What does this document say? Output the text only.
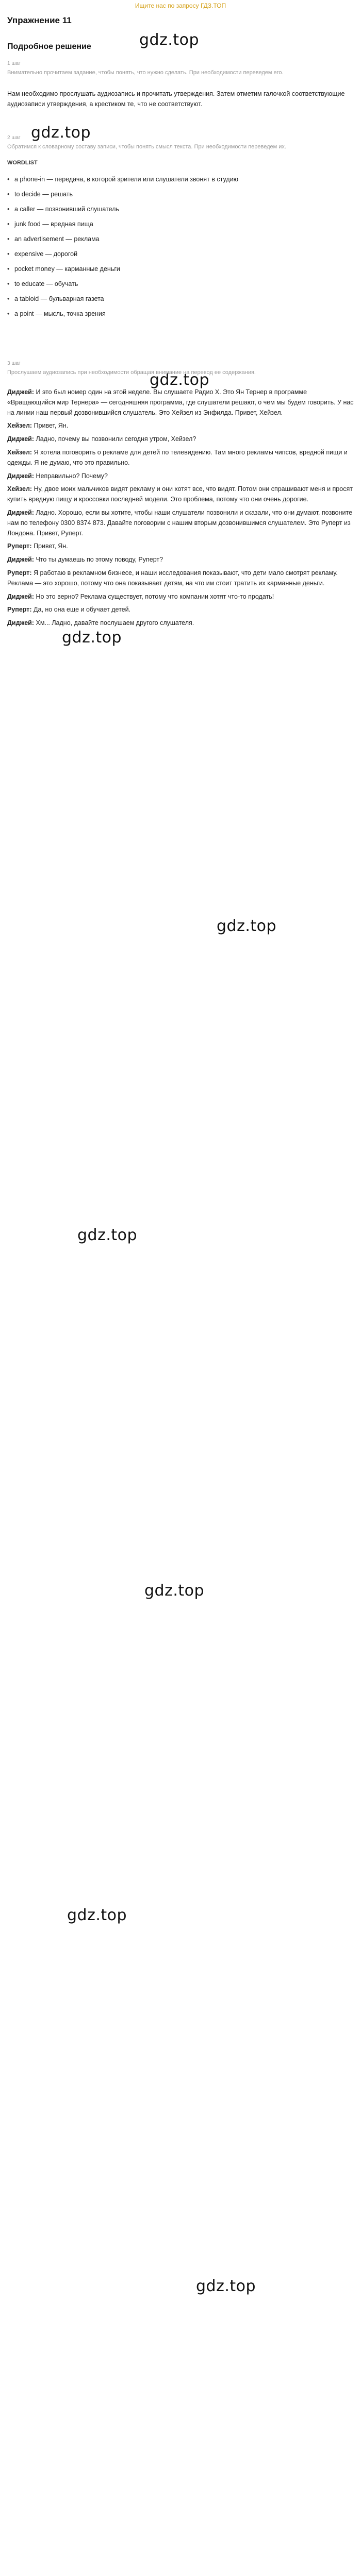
Ищите нас по запросу ГДЗ.ТОП
Упражнение 11
Подробное решение	gdz.top
gdz.top
gdz.top
gdz.top
gdz.top
gdz.top
gdz.top
gdz.top
gdz.top
1 шаг
Внимательно прочитаем задание, чтобы понять, что нужно сделать. При необходимости переведем его.
Нам необходимо прослушать аудиозапись и прочитать утверждения. Затем отметим галочкой соответствующие аудиозаписи утверждения, а крестиком те, что не соответствуют.
2 шаг
Обратимся к словарному составу записи, чтобы понять смысл текста. При необходимости переведем их.
WORDLIST
• a phone-in — передача, в которой зрители или слушатели звонят в студию
• to decide — решать
• a caller — позвонивший слушатель
• junk food — вредная пища
• an advertisement — реклама
• expensive — дорогой
• pocket money — карманные деньги
• to educate — обучать
• a tabloid — бульварная газета
• a point — мысль, точка зрения
3 шаг
Прослушаем аудиозапись при необходимости обращая внимание на перевод ее содержания.

Диджей: И это был номер один на этой неделе. Вы слушаете Радио Х. Это Ян Тернер в программе «Вращающийся мир Тернера» — сегодняшняя программа, где слушатели решают, о чем мы будем говорить. У нас на линии наш первый дозвонившийся слушатель. Это Хейзел из Энфилда. Привет, Хейзел.

Хейзел: Привет, Ян.

Диджей: Ладно, почему вы позвонили сегодня утром, Хейзел?

Хейзел: Я хотела поговорить о рекламе для детей по телевидению. Там много рекламы чипсов, вредной пищи и одежды. Я не думаю, что это правильно.

Диджей: Неправильно? Почему?

Хейзел: Ну, двое моих мальчиков видят рекламу и они хотят все, что видят. Потом они спрашивают меня и просят купить вредную пищу и кроссовки последней модели. Это проблема, потому что они очень дорогие.

Диджей: Ладно. Хорошо, если вы хотите, чтобы наши слушатели позвонили и сказали, что они думают, позвоните нам по телефону 0300 8374 873. Давайте поговорим с нашим вторым дозвонившимся слушателем. Это Руперт из Лондона. Привет, Руперт.

Руперт: Привет, Ян.

Диджей: Что ты думаешь по этому поводу, Руперт?

Руперт: Я работаю в рекламном бизнесе, и наши исследования показывают, что дети мало смотрят рекламу. Реклама — это хорошо, потому что она показывает детям, на что им стоит тратить их карманные деньги.

Диджей: Но это верно? Реклама существует, потому что компании хотят что-то продать!

Руперт: Да, но она еще и обучает детей.

Диджей: Хм... Ладно, давайте послушаем другого слушателя.
